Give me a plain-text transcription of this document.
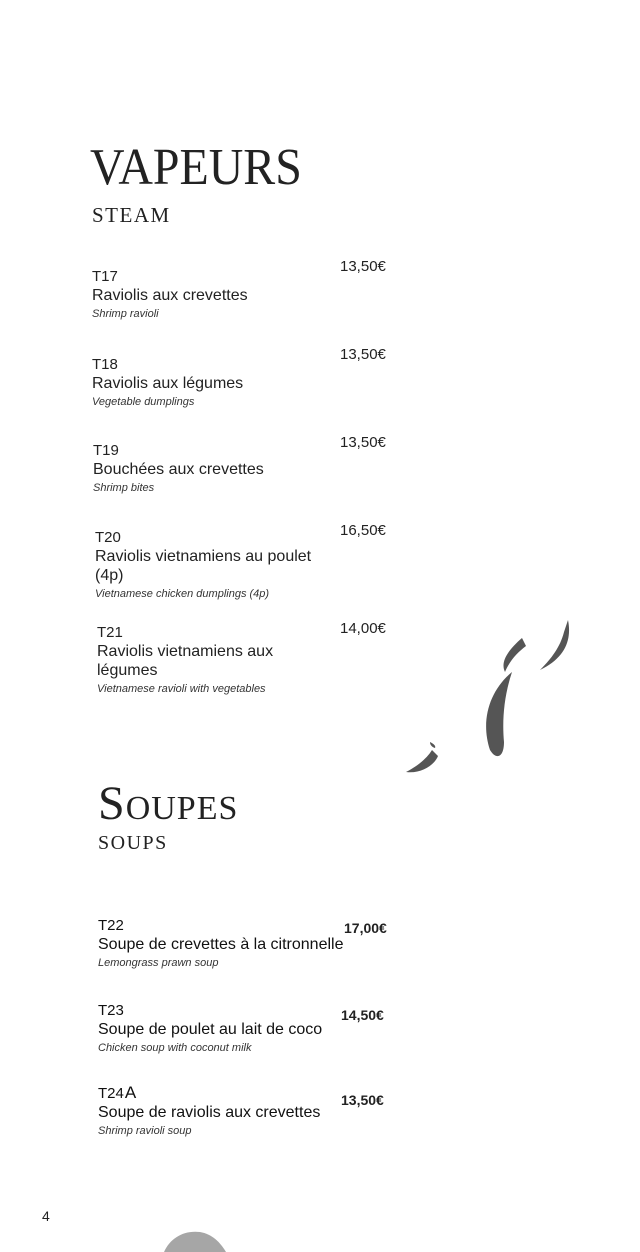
VAPEURS
STEAM
13,50€
T17
Raviolis aux crevettes
Shrimp ravioli
13,50€
T18
Raviolis aux légumes
Vegetable dumplings
13,50€
T19
Bouchées aux crevettes
Shrimp bites
16,50€
T20
Raviolis vietnamiens au poulet (4p)
Vietnamese chicken dumplings (4p)
14,00€
T21
Raviolis vietnamiens aux légumes
Vietnamese ravioli with vegetables
Soupes
SOUPS
17,00€
T22
Soupe de crevettes à la citronnelle
Lemongrass prawn soup
14,50€
T23
Soupe de poulet au lait de coco
Chicken soup with coconut milk
13,50€
T24A
Soupe de raviolis aux crevettes
Shrimp ravioli soup
4
